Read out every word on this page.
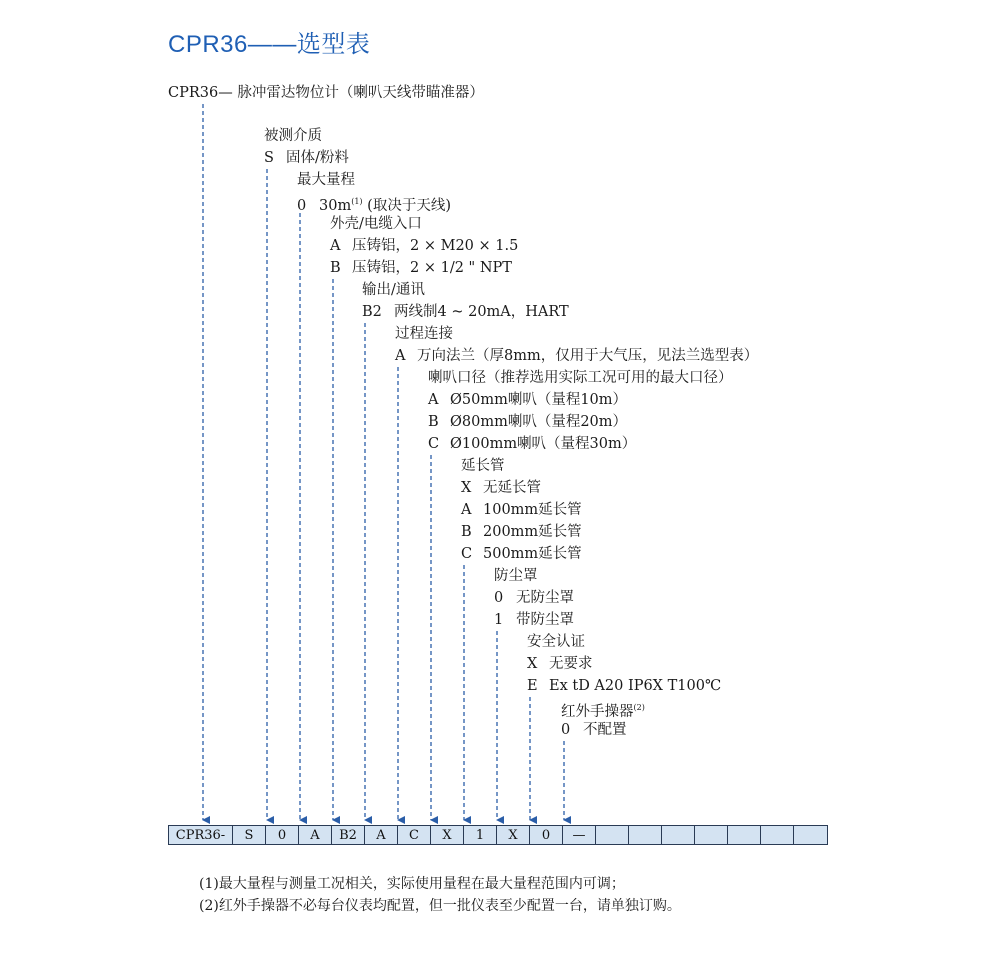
CPR36——选型表
CPR36— 脉冲雷达物位计（喇叭天线带瞄准器）
被测介质
S 固体/粉料
最大量程
0 $30m^{(1)}$ (取决于天线)
外壳/电缆入口
A 压铸铝，2 × M20 × 1.5
B 压铸铝，2 × 1/2 " NPT
输出/通讯
B2 两线制4 ~ 20mA，HART
过程连接
A 万向法兰（厚8mm，仅用于大气压，见法兰选型表）
喇叭口径（推荐选用实际工况可用的最大口径）
A Ø50mm喇叭（量程10m）
B Ø80mm喇叭（量程20m）
C Ø100mm喇叭（量程30m）
延长管
X 无延长管
A 100mm延长管
B 200mm延长管
C 500mm延长管
防尘罩
0 无防尘罩
1 带防尘罩
安全认证
X 无要求
E Ex tD A20 IP6X T100℃
红外手操器$^{(2)}$
0 不配置
CPR36-	S	0	A	B2	A	C	X	1	X	0	—
(1)最大量程与测量工况相关，实际使用量程在最大量程范围内可调；
(2)红外手操器不必每台仪表均配置，但一批仪表至少配置一台，请单独订购。
